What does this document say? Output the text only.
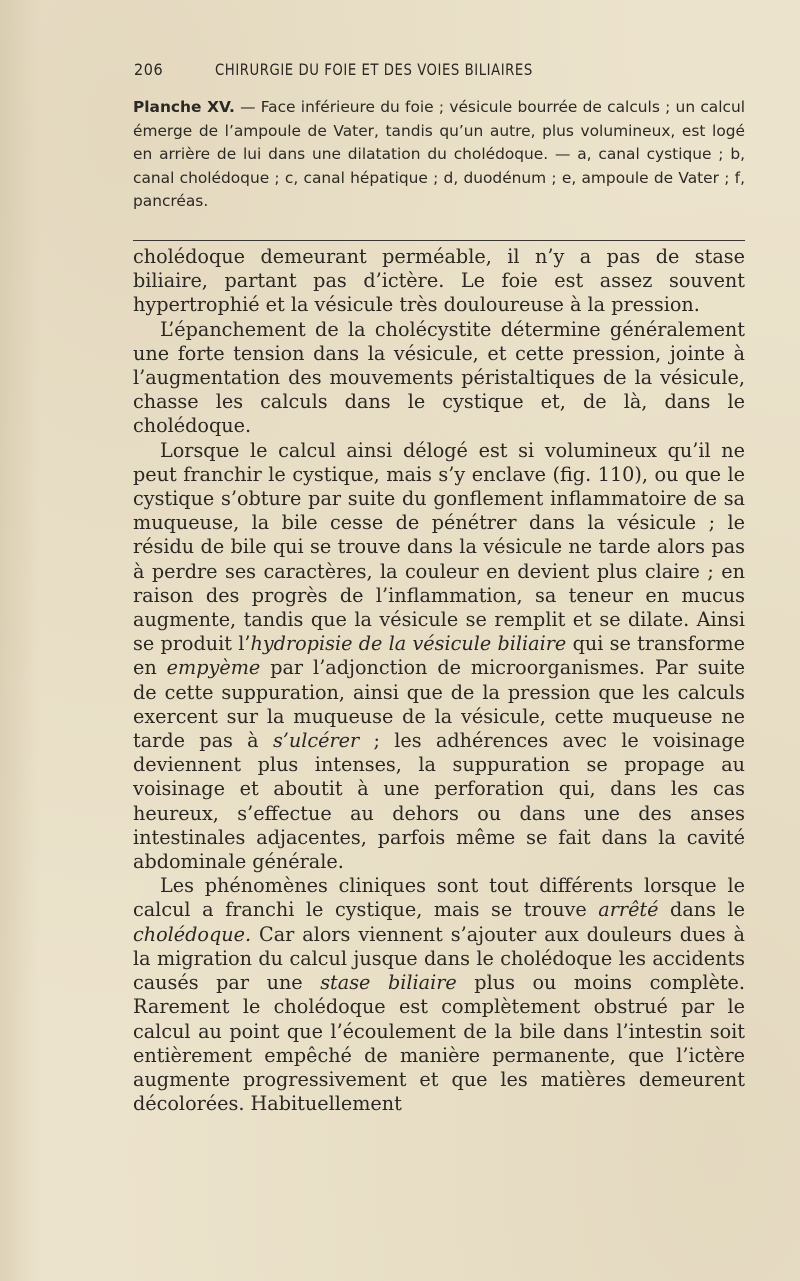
206	CHIRURGIE DU FOIE ET DES VOIES BILIAIRES
Planche XV. — Face inférieure du foie ; vésicule bourrée de calculs ; un calcul émerge de l’ampoule de Vater, tandis qu’un autre, plus volumineux, est logé en arrière de lui dans une dilatation du cholédoque. — a, canal cystique ; b, canal cholédoque ; c, canal hépatique ; d, duodénum ; e, ampoule de Vater ; f, pancréas.

cholédoque demeurant perméable, il n’y a pas de stase biliaire, partant pas d’ictère. Le foie est assez souvent hypertrophié et la vésicule très douloureuse à la pression.

L’épanchement de la cholécystite détermine généralement une forte tension dans la vésicule, et cette pression, jointe à l’augmentation des mouvements péristaltiques de la vésicule, chasse les calculs dans le cystique et, de là, dans le cholédoque.

Lorsque le calcul ainsi délogé est si volumineux qu’il ne peut franchir le cystique, mais s’y enclave (fig. 110), ou que le cystique s’obture par suite du gonflement inflammatoire de sa muqueuse, la bile cesse de pénétrer dans la vésicule ; le résidu de bile qui se trouve dans la vésicule ne tarde alors pas à perdre ses caractères, la couleur en devient plus claire ; en raison des progrès de l’inflammation, sa teneur en mucus augmente, tandis que la vésicule se remplit et se dilate. Ainsi se produit l’hydropisie de la vésicule biliaire qui se transforme en empyème par l’adjonction de microorganismes. Par suite de cette suppuration, ainsi que de la pression que les calculs exercent sur la muqueuse de la vésicule, cette muqueuse ne tarde pas à s’ulcérer ; les adhérences avec le voisinage deviennent plus intenses, la suppuration se propage au voisinage et aboutit à une perforation qui, dans les cas heureux, s’effectue au dehors ou dans une des anses intestinales adjacentes, parfois même se fait dans la cavité abdominale générale.

Les phénomènes cliniques sont tout différents lorsque le calcul a franchi le cystique, mais se trouve arrêté dans le cholédoque. Car alors viennent s’ajouter aux douleurs dues à la migration du calcul jusque dans le cholédoque les accidents causés par une stase biliaire plus ou moins complète. Rarement le cholédoque est complètement obstrué par le calcul au point que l’écoulement de la bile dans l’intestin soit entièrement empêché de manière permanente, que l’ictère augmente progressivement et que les matières demeurent décolorées. Habituellement
